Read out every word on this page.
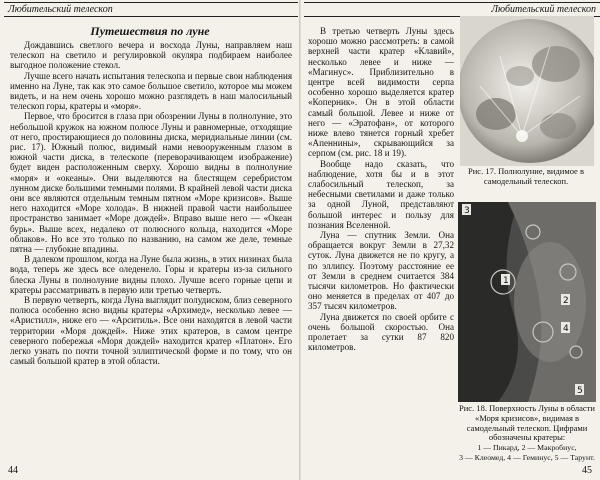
Любительский телескоп
Путешествия по луне

Дождавшись светлого вечера и восхода Луны, направляем наш телескоп на светило и регулировкой окуляра подбираем наиболее выгодное положение стекол.

Лучше всего начать испытания телескопа и первые свои наблюдения именно на Луне, так как это самое большое светило, которое мы можем видеть, и на нем очень хорошо можно разглядеть в наш малосильный телескоп горы, кратеры и «моря».

Первое, что бросится в глаза при обозрении Луны в полнолуние, это небольшой кружок на южном полюсе Луны и равномерные, отходящие от него, простирающиеся до половины диска, меридиальные линии (см. рис. 17). Южный полюс, видимый нами невооруженным глазом в южной части диска, в телескопе (переворачивающем изображение) будет виден расположенным сверху. Хорошо видны в полнолуние «моря» и «океаны». Они выделяются на блестящем серебристом лунном диске большими темными полями. В крайней левой части диска они все являются отдельным темным пятном «Море кризисов». Выше него находится «Море холода». В нижней правой части наибольшее пространство занимает «Море дождей». Вправо выше него — «Океан бурь». Выше всех, недалеко от полюсного кольца, находится «Море облаков». Но все это только по названию, на самом же деле, темные пятна — глубокие впадины.

В далеком прошлом, когда на Луне была жизнь, в этих низинах была вода, теперь же здесь все оледенело. Горы и кратеры из-за сильного блеска Луны в полнолуние видны плохо. Лучше всего горные цепи и кратеры рассматривать в первую или третью четверть.

В первую четверть, когда Луна выглядит полудиском, близ северного полюса особенно ясно видны кратеры «Архимед», несколько левее — «Аристилл», ниже его — «Арситиль». Все они находятся в левой части территории «Моря дождей». Ниже этих кратеров, в самом центре северного побережья «Моря дождей» находится кратер «Платон». Его легко узнать по почти точной эллиптической форме и по тому, что он самый большой кратер в этой области.

44
Любительский телескоп

В третью четверть Луны здесь хорошо можно рассмотреть: в самой верхней части кратер «Клавий», несколько левее и ниже — «Магинус». Приблизительно в центре всей видимости серпа особенно хорошо выделяется кратер «Коперник». Он в этой области самый большой. Левее и ниже от него — «Эратофан», от которого ниже влево тянется горный хребет «Апеннины», скрывающийся за серпом (см. рис. 18 и 19).

Вообще надо сказать, что наблюдение, хотя бы и в этот слабосильный телескоп, за небесными светилами и даже только за одной Луной, представляют большой интерес и пользу для познания Вселенной.

Луна — спутник Земли. Она обращается вокруг Земли в 27,32 суток. Луна движется не по кругу, а по эллипсу. Поэтому расстояние ее от Земли в среднем считается 384 тысячи километров. Но фактически оно меняется в пределах от 407 до 357 тысяч километров.

Луна движется по своей орбите с очень большой скоростью. Она пролетает за сутки 87 820 километров.

Рис. 17. Полнолуние, видимое в самодельный телескоп.
1
2
3
4
5
Рис. 18. Поверхность Луны в области «Моря кризисов», видимая в самодельный телескоп. Цифрами обозначены кратеры:
1 — Пикард, 2 — Макробиус,
3 — Клеомед, 4 — Геминус, 5 — Тарунт.
45
